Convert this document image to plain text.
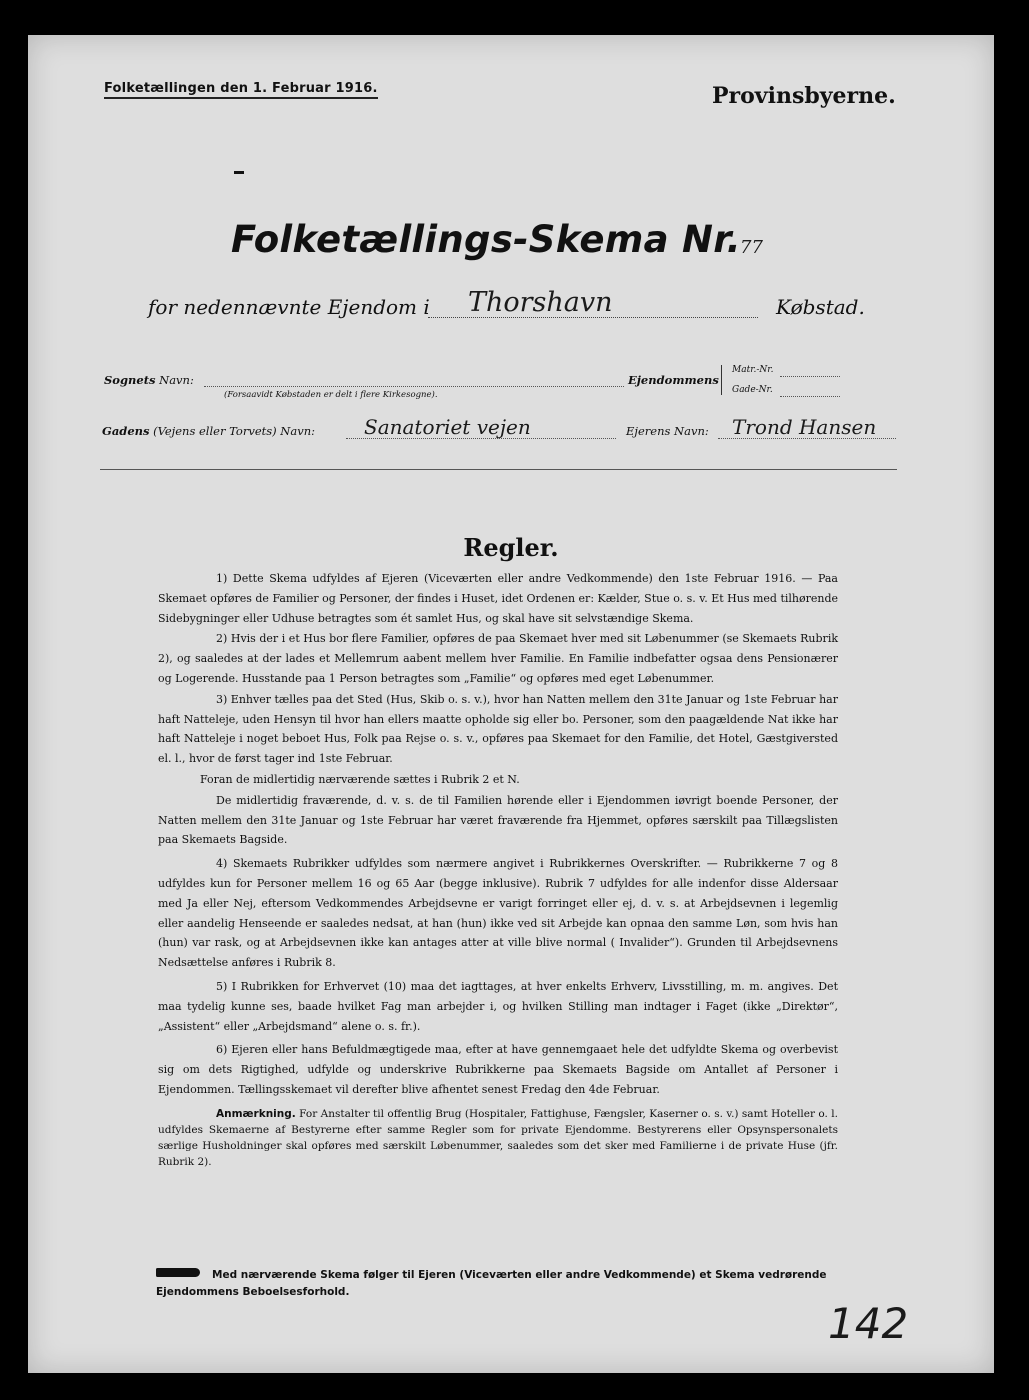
Folketællingen den 1. Februar 1916.	Provinsbyerne.
Folketællings-Skema Nr. 77
for nedennævnte Ejendom i Thorshavn	Købstad.
Sognets Navn:
(Forsaavidt Købstaden er delt i flere Kirkesogne).
Ejendommens
Matr.-Nr.
Gade-Nr.
Gadens (Vejens eller Torvets) Navn: Sanatoriet vejen	Ejerens Navn: Trond Hansen
Regler.

1) Dette Skema udfyldes af Ejeren (Viceværten eller andre Vedkommende) den 1ste Februar 1916. — Paa Skemaet opføres de Familier og Personer, der findes i Huset, idet Ordenen er: Kælder, Stue o. s. v. Et Hus med tilhørende Sidebygninger eller Udhuse betragtes som ét samlet Hus, og skal have sit selvstændige Skema.

2) Hvis der i et Hus bor flere Familier, opføres de paa Skemaet hver med sit Løbenummer (se Skemaets Rubrik 2), og saaledes at der lades et Mellemrum aabent mellem hver Familie. En Familie indbefatter ogsaa dens Pensionærer og Logerende. Husstande paa 1 Person betragtes som „Familie“ og opføres med eget Løbenummer.

3) Enhver tælles paa det Sted (Hus, Skib o. s. v.), hvor han Natten mellem den 31te Januar og 1ste Februar har haft Natteleje, uden Hensyn til hvor han ellers maatte opholde sig eller bo. Personer, som den paagældende Nat ikke har haft Natteleje i noget beboet Hus, Folk paa Rejse o. s. v., opføres paa Skemaet for den Familie, det Hotel, Gæstgiversted el. l., hvor de først tager ind 1ste Februar.

Foran de midlertidig nærværende sættes i Rubrik 2 et N.

De midlertidig fraværende, d. v. s. de til Familien hørende eller i Ejendommen iøvrigt boende Personer, der Natten mellem den 31te Januar og 1ste Februar har været fraværende fra Hjemmet, opføres særskilt paa Tillægslisten paa Skemaets Bagside.

4) Skemaets Rubrikker udfyldes som nærmere angivet i Rubrikkernes Overskrifter. — Rubrikkerne 7 og 8 udfyldes kun for Personer mellem 16 og 65 Aar (begge inklusive). Rubrik 7 udfyldes for alle indenfor disse Aldersaar med Ja eller Nej, eftersom Vedkommendes Arbejdsevne er varigt forringet eller ej, d. v. s. at Arbejdsevnen i legemlig eller aandelig Henseende er saaledes nedsat, at han (hun) ikke ved sit Arbejde kan opnaa den samme Løn, som hvis han (hun) var rask, og at Arbejdsevnen ikke kan antages atter at ville blive normal ( Invalider“). Grunden til Arbejdsevnens Nedsættelse anføres i Rubrik 8.

5) I Rubrikken for Erhvervet (10) maa det iagttages, at hver enkelts Erhverv, Livsstilling, m. m. angives. Det maa tydelig kunne ses, baade hvilket Fag man arbejder i, og hvilken Stilling man indtager i Faget (ikke „Direktør“, „Assistent“ eller „Arbejdsmand“ alene o. s. fr.).

6) Ejeren eller hans Befuldmægtigede maa, efter at have gennemgaaet hele det udfyldte Skema og overbevist sig om dets Rigtighed, udfylde og underskrive Rubrikkerne paa Skemaets Bagside om Antallet af Personer i Ejendommen. Tællingsskemaet vil derefter blive afhentet senest Fredag den 4de Februar.

Anmærkning. For Anstalter til offentlig Brug (Hospitaler, Fattighuse, Fængsler, Kaserner o. s. v.) samt Hoteller o. l. udfyldes Skemaerne af Bestyrerne efter samme Regler som for private Ejendomme. Bestyrerens eller Opsynspersonalets særlige Husholdninger skal opføres med særskilt Løbenummer, saaledes som det sker med Familierne i de private Huse (jfr. Rubrik 2).

Med nærværende Skema følger til Ejeren (Viceværten eller andre Vedkommende) et Skema vedrørende Ejendommens Beboelsesforhold.
142
